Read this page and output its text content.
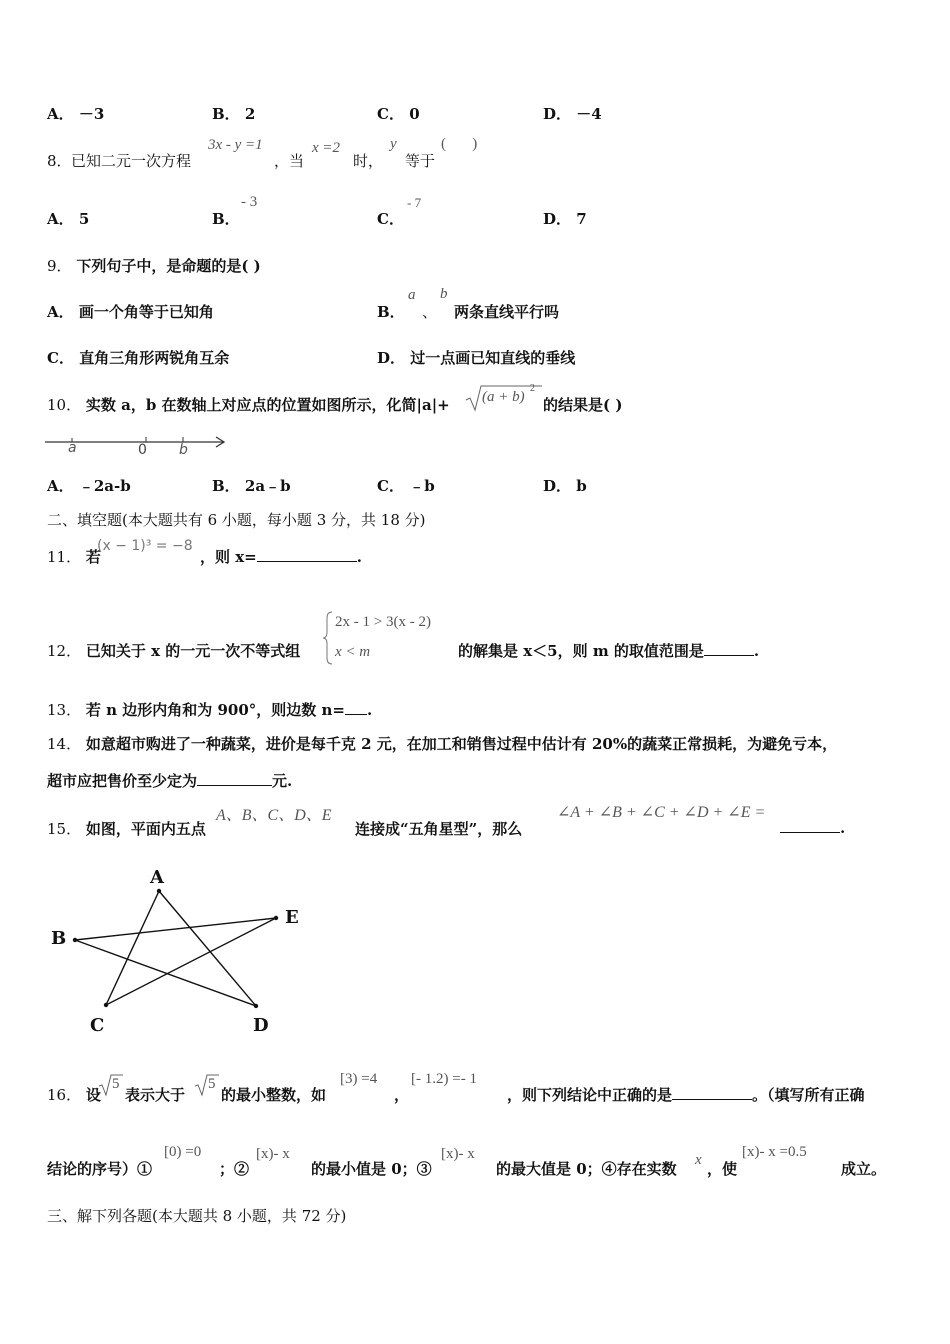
A． －3	B． 2	C． 0	D． －4
8． 已知二元一次方程
3x - y =1
，当
x =2
时，
y
等于
(       )
A． 5	B．
- 3
C．
- 7
D． 7
9． 下列句子中，是命题的是( )
A． 画一个角等于已知角	B．
a
、
b
两条直线平行吗
C． 直角三角形两锐角互余	D． 过一点画已知直线的垂线
10． 实数 a，b 在数轴上对应点的位置如图所示，化简|a|+ (a + b)
2
的结果是( )
a	0 b
A． ﹣2a-b	B． 2a﹣b	C． ﹣b	D． b
二、填空题(本大题共有 6 小题，每小题 3 分，共 18 分)
11． 若
(x − 1)³ = −8
，则 x=	.
12． 已知关于 x 的一元一次不等式组
2x - 1 > 3(x - 2)
x < m	的解集是 x＜5，则 m 的取值范围是	.
13． 若 n 边形内角和为 900°，则边数 n= .
14． 如意超市购进了一种蔬菜，进价是每千克 2 元，在加工和销售过程中估计有 20%的蔬菜正常损耗，为避免亏本，
超市应把售价至少定为	元.
15． 如图，平面内五点
A、B、C、D、E
连接成“五角星型”，那么
∠A + ∠B + ∠C + ∠D + ∠E =
.
A
B
C	D
E
16． 设
5
表示大于
5
的最小整数，如
[3) =4
，
[- 1.2) =- 1
，则下列结论中正确的是	。（填写所有正确
结论的序号）①
[0) =0
；②
[x)- x
的最小值是 0；③
[x)- x
的最大值是 0；④存在实数 x ，使
[x)- x =0.5
成立。
三、解下列各题(本大题共 8 小题，共 72 分)
